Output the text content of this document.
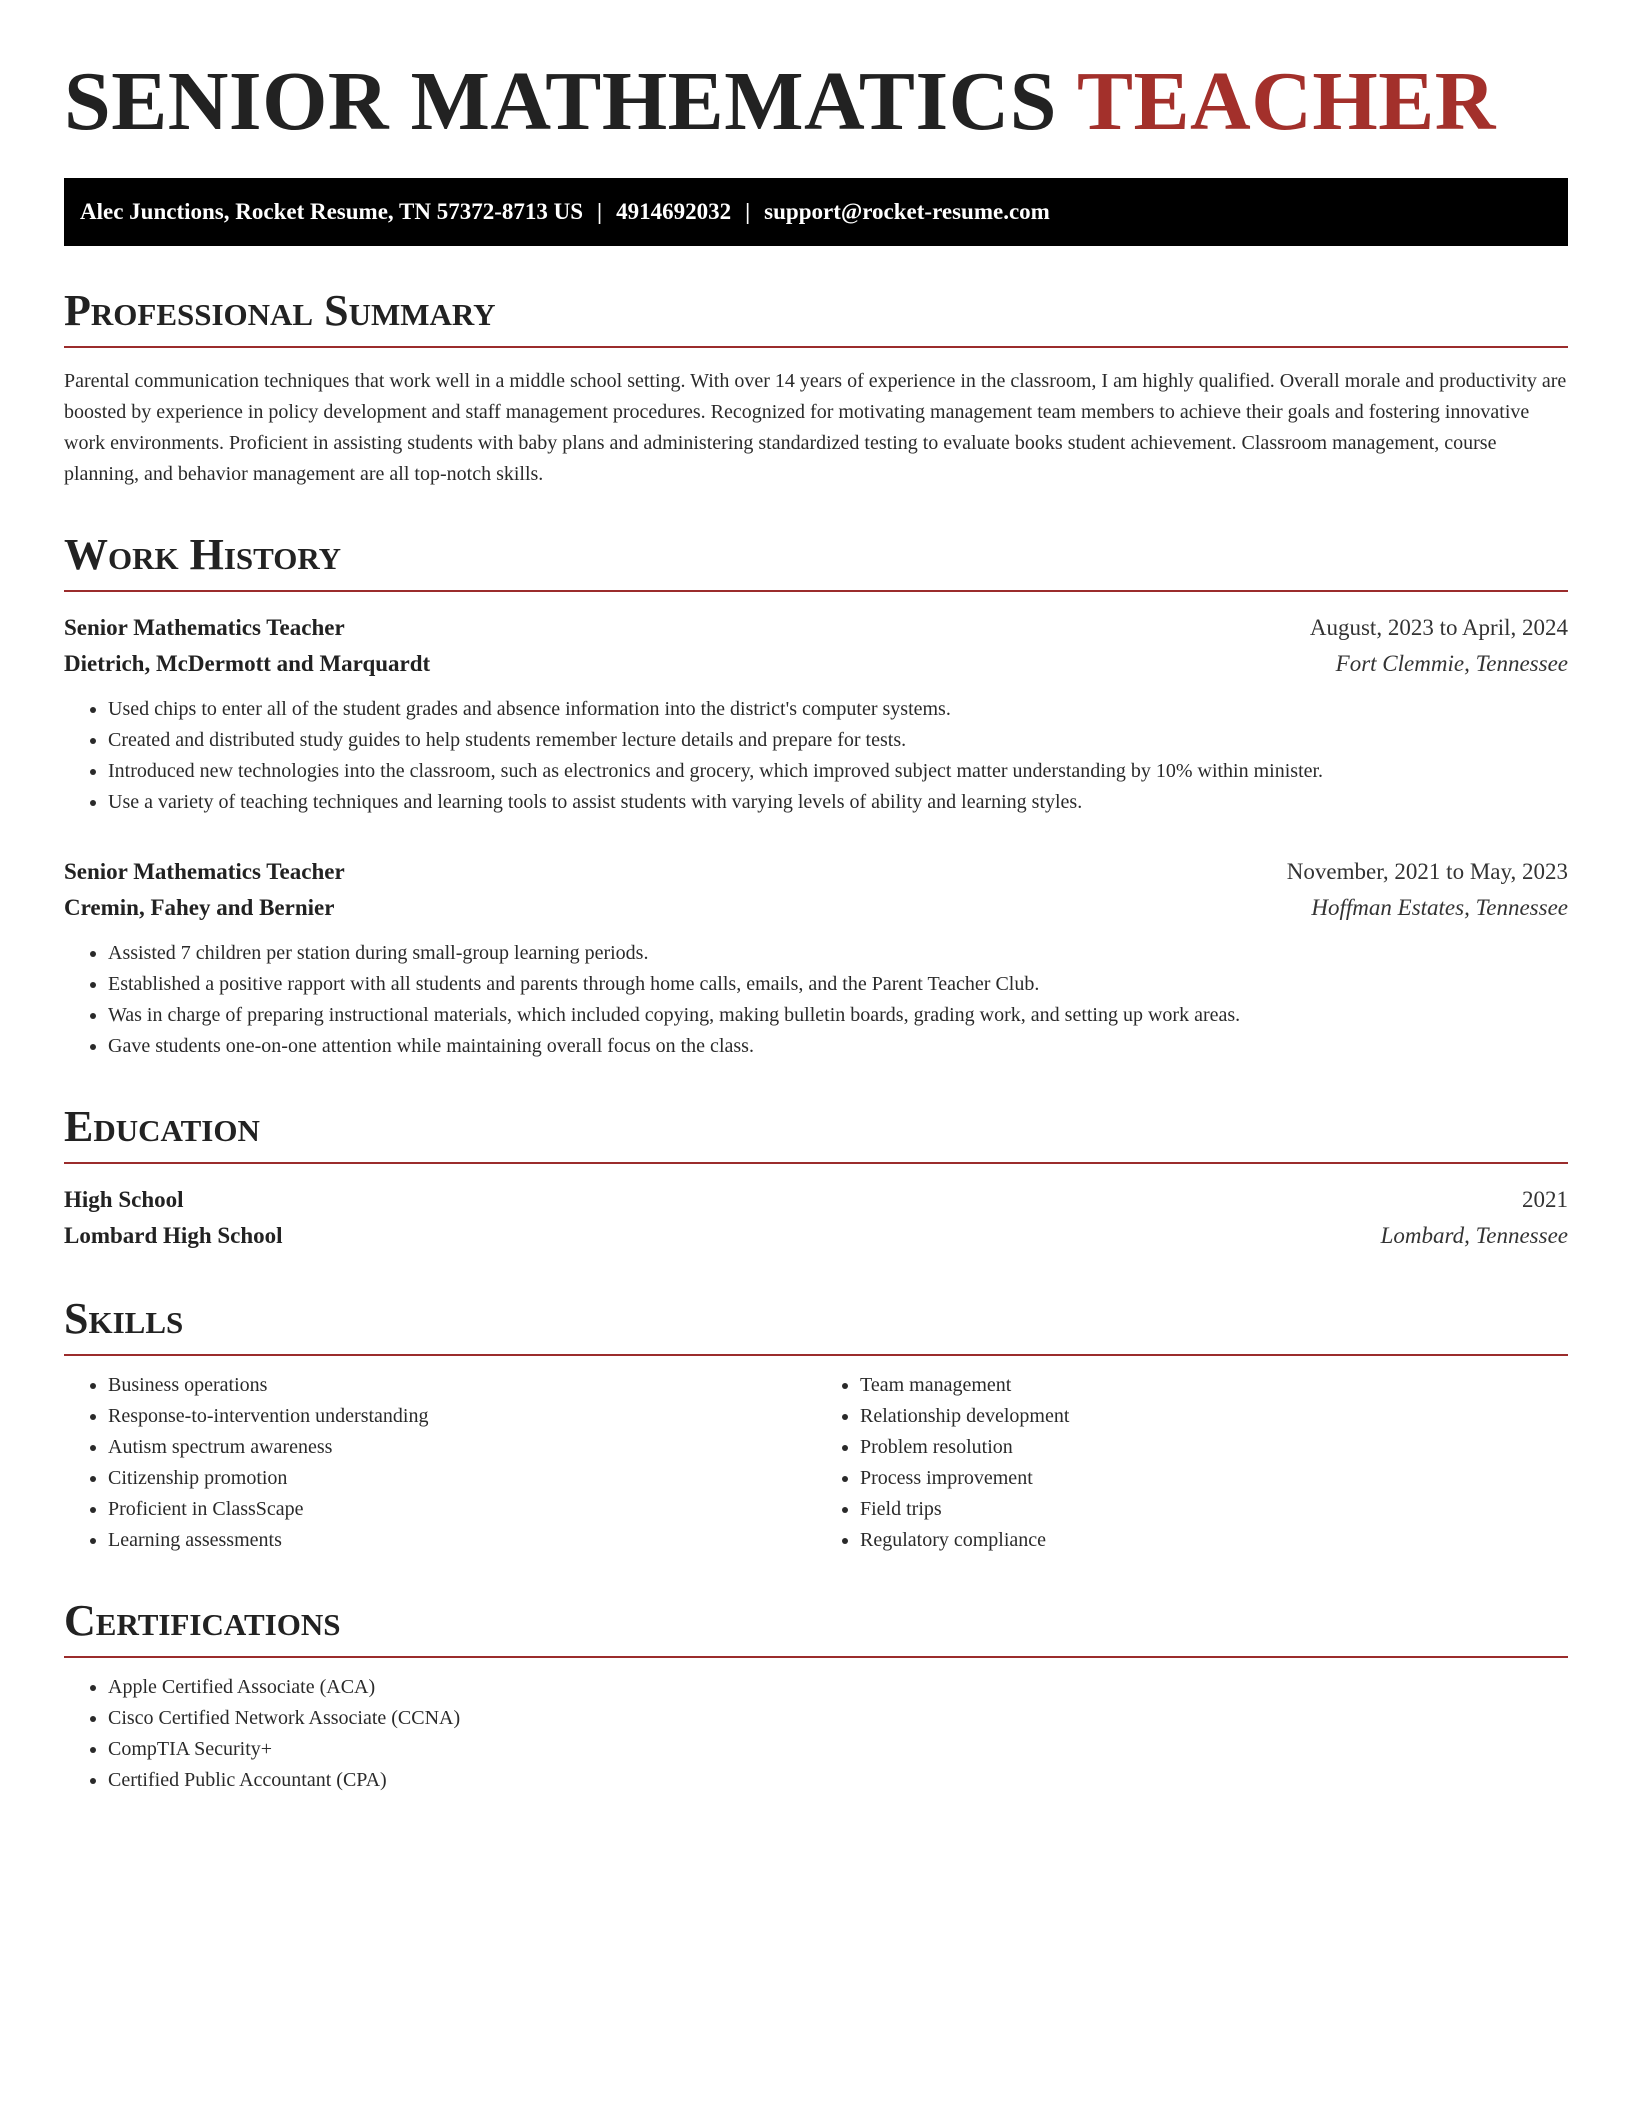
SENIOR MATHEMATICS TEACHER
Alec Junctions, Rocket Resume, TN 57372-8713 US | 4914692032 | support@rocket-resume.com
Professional Summary

Parental communication techniques that work well in a middle school setting. With over 14 years of experience in the classroom, I am highly qualified. Overall morale and productivity are boosted by experience in policy development and staff management procedures. Recognized for motivating management team members to achieve their goals and fostering innovative work environments. Proficient in assisting students with baby plans and administering standardized testing to evaluate books student achievement. Classroom management, course planning, and behavior management are all top-notch skills.

Work History
Senior Mathematics Teacher	August, 2023 to April, 2024
Dietrich, McDermott and Marquardt	Fort Clemmie, Tennessee
• Used chips to enter all of the student grades and absence information into the district's computer systems.
• Created and distributed study guides to help students remember lecture details and prepare for tests.
• Introduced new technologies into the classroom, such as electronics and grocery, which improved subject matter understanding by 10% within minister.
• Use a variety of teaching techniques and learning tools to assist students with varying levels of ability and learning styles.
Senior Mathematics Teacher	November, 2021 to May, 2023
Cremin, Fahey and Bernier	Hoffman Estates, Tennessee
• Assisted 7 children per station during small-group learning periods.
• Established a positive rapport with all students and parents through home calls, emails, and the Parent Teacher Club.
• Was in charge of preparing instructional materials, which included copying, making bulletin boards, grading work, and setting up work areas.
• Gave students one-on-one attention while maintaining overall focus on the class.
Education
High School	2021
Lombard High School	Lombard, Tennessee
Skills
• Business operations
• Response-to-intervention understanding
• Autism spectrum awareness
• Citizenship promotion
• Proficient in ClassScape
• Learning assessments
• Team management
• Relationship development
• Problem resolution
• Process improvement
• Field trips
• Regulatory compliance
Certifications
• Apple Certified Associate (ACA)
• Cisco Certified Network Associate (CCNA)
• CompTIA Security+
• Certified Public Accountant (CPA)
